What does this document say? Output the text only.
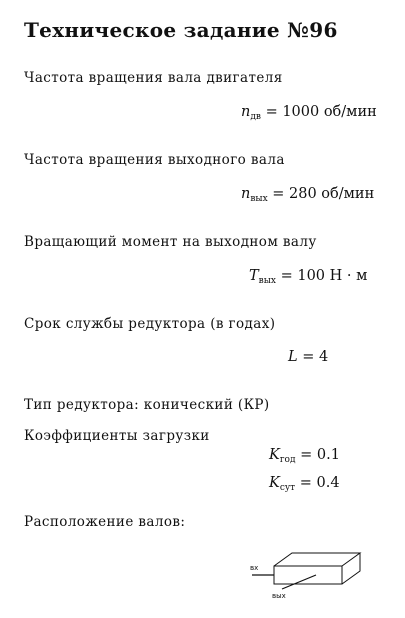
Техническое задание №96
Частота вращения вала двигателя
$n_{дв} = 1000$ об/мин
Частота вращения выходного вала
$n_{вых} = 280$ об/мин
Вращающий момент на выходном валу
$T_{вых} = 100$ Н · м
Срок службы редуктора (в годах)
L = 4
Тип редуктора: конический (КР)
Коэффициенты загрузки
$K_{год} = 0.1$
$K_{сут} = 0.4$
Расположение валов:
вх
вых
